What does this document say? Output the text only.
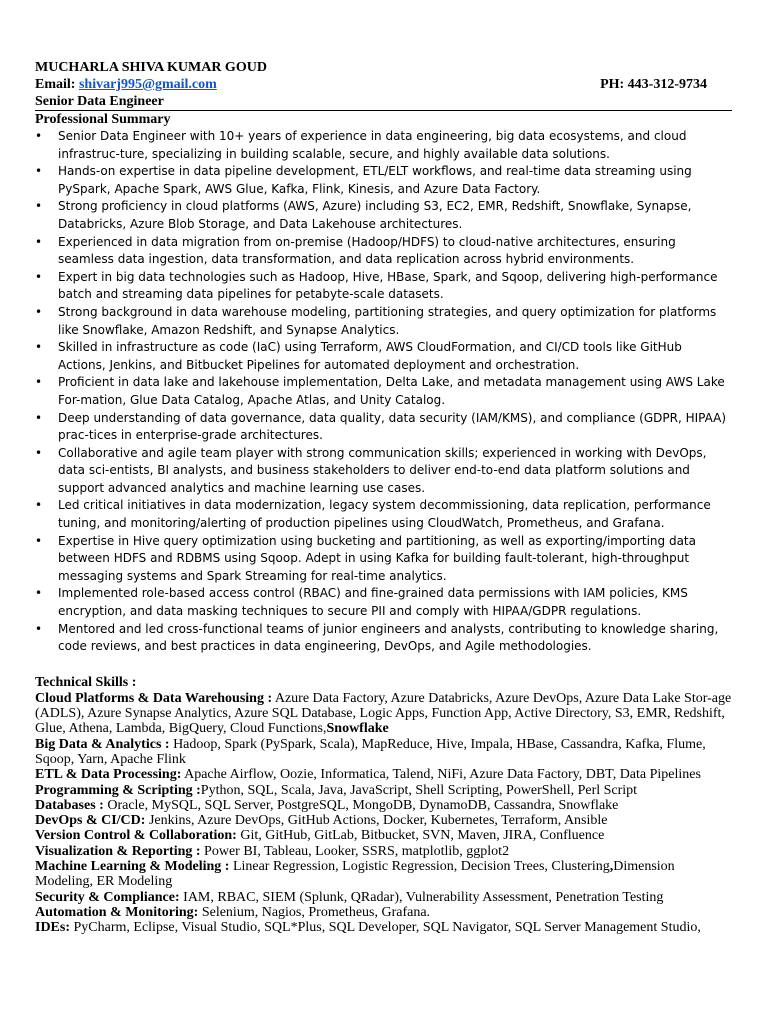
MUCHARLA SHIVA KUMAR GOUD
Email: shivarj995@gmail.com	PH: 443-312-9734
Senior Data Engineer
Professional Summary
• Senior Data Engineer with 10+ years of experience in data engineering, big data ecosystems, and cloud infrastruc-ture, specializing in building scalable, secure, and highly available data solutions.
• Hands-on expertise in data pipeline development, ETL/ELT workflows, and real-time data streaming using PySpark, Apache Spark, AWS Glue, Kafka, Flink, Kinesis, and Azure Data Factory.
• Strong proficiency in cloud platforms (AWS, Azure) including S3, EC2, EMR, Redshift, Snowflake, Synapse, Databricks, Azure Blob Storage, and Data Lakehouse architectures.
• Experienced in data migration from on-premise (Hadoop/HDFS) to cloud-native architectures, ensuring seamless data ingestion, data transformation, and data replication across hybrid environments.
• Expert in big data technologies such as Hadoop, Hive, HBase, Spark, and Sqoop, delivering high-performance batch and streaming data pipelines for petabyte-scale datasets.
• Strong background in data warehouse modeling, partitioning strategies, and query optimization for platforms like Snowflake, Amazon Redshift, and Synapse Analytics.
• Skilled in infrastructure as code (IaC) using Terraform, AWS CloudFormation, and CI/CD tools like GitHub Actions, Jenkins, and Bitbucket Pipelines for automated deployment and orchestration.
• Proficient in data lake and lakehouse implementation, Delta Lake, and metadata management using AWS Lake For-mation, Glue Data Catalog, Apache Atlas, and Unity Catalog.
• Deep understanding of data governance, data quality, data security (IAM/KMS), and compliance (GDPR, HIPAA) prac-tices in enterprise-grade architectures.
• Collaborative and agile team player with strong communication skills; experienced in working with DevOps, data sci-entists, BI analysts, and business stakeholders to deliver end-to-end data platform solutions and support advanced analytics and machine learning use cases.
• Led critical initiatives in data modernization, legacy system decommissioning, data replication, performance tuning, and monitoring/alerting of production pipelines using CloudWatch, Prometheus, and Grafana.
• Expertise in Hive query optimization using bucketing and partitioning, as well as exporting/importing data between HDFS and RDBMS using Sqoop. Adept in using Kafka for building fault-tolerant, high-throughput messaging systems and Spark Streaming for real-time analytics.
• Implemented role-based access control (RBAC) and fine-grained data permissions with IAM policies, KMS encryption, and data masking techniques to secure PII and comply with HIPAA/GDPR regulations.
• Mentored and led cross-functional teams of junior engineers and analysts, contributing to knowledge sharing, code reviews, and best practices in data engineering, DevOps, and Agile methodologies.
Technical Skills :
Cloud Platforms & Data Warehousing : Azure Data Factory, Azure Databricks, Azure DevOps, Azure Data Lake Stor-age (ADLS), Azure Synapse Analytics, Azure SQL Database, Logic Apps, Function App, Active Directory, S3, EMR, Redshift, Glue, Athena, Lambda, BigQuery, Cloud Functions,Snowflake
Big Data & Analytics : Hadoop, Spark (PySpark, Scala), MapReduce, Hive, Impala, HBase, Cassandra, Kafka, Flume, Sqoop, Yarn, Apache Flink
ETL & Data Processing: Apache Airflow, Oozie, Informatica, Talend, NiFi, Azure Data Factory, DBT, Data Pipelines
Programming & Scripting :Python, SQL, Scala, Java, JavaScript, Shell Scripting, PowerShell, Perl Script
Databases : Oracle, MySQL, SQL Server, PostgreSQL, MongoDB, DynamoDB, Cassandra, Snowflake
DevOps & CI/CD: Jenkins, Azure DevOps, GitHub Actions, Docker, Kubernetes, Terraform, Ansible
Version Control & Collaboration: Git, GitHub, GitLab, Bitbucket, SVN, Maven, JIRA, Confluence
Visualization & Reporting : Power BI, Tableau, Looker, SSRS, matplotlib, ggplot2
Machine Learning & Modeling : Linear Regression, Logistic Regression, Decision Trees, Clustering,Dimension Modeling, ER Modeling
Security & Compliance: IAM, RBAC, SIEM (Splunk, QRadar), Vulnerability Assessment, Penetration Testing
Automation & Monitoring: Selenium, Nagios, Prometheus, Grafana.
IDEs: PyCharm, Eclipse, Visual Studio, SQL*Plus, SQL Developer, SQL Navigator, SQL Server Management Studio,
